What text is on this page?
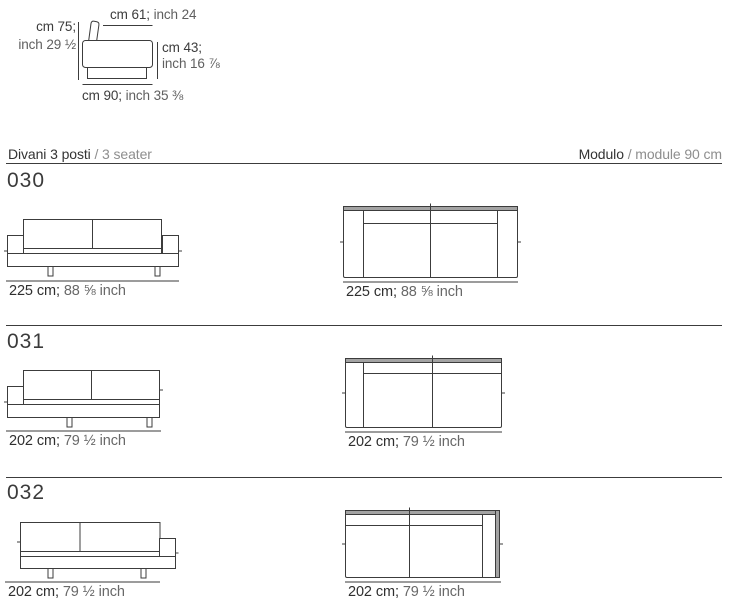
cm 61; inch 24
cm 75;
inch 29 ½	cm 43;
inch 16 ⅞
cm 90; inch 35 ⅜
Divani 3 posti / 3 seater	Modulo / module 90 cm
030
225 cm; 88 ⅝ inch	225 cm; 88 ⅝ inch
031
202 cm; 79 ½ inch	202 cm; 79 ½ inch
032
202 cm; 79 ½ inch	202 cm; 79 ½ inch
